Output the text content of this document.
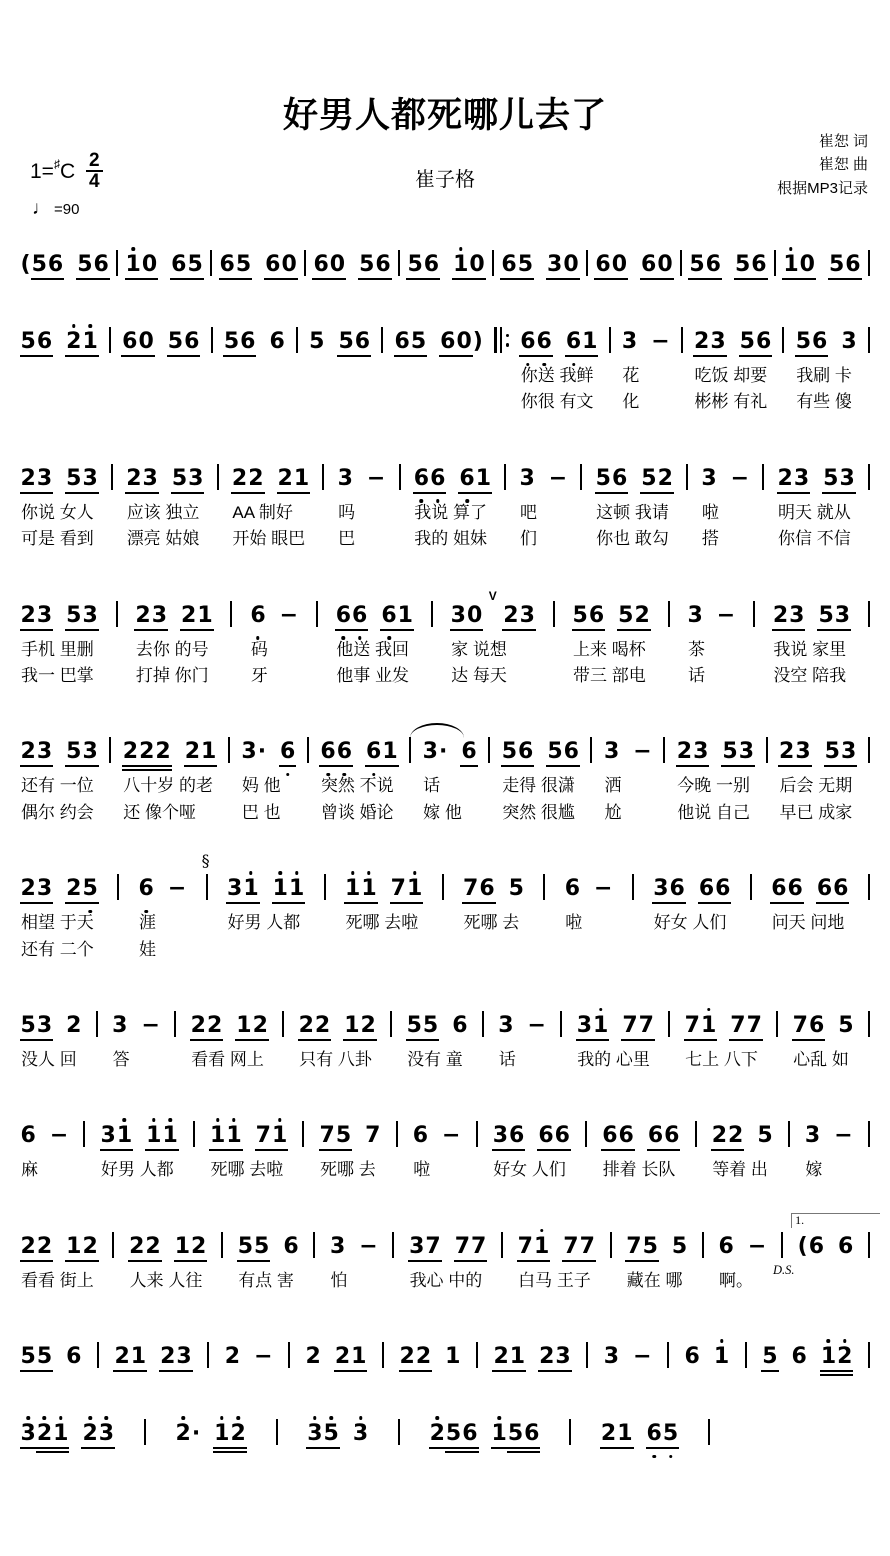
好男人都死哪儿去了
$1=^♯C \frac{2}{4}$	崔子格
崔恕 词
崔恕 曲
根据MP3记录
♩ =90
( 5 6 5 6 1 0 6 5 6 5 6 0 6 0 5 6 5 6 1 0 6 5 3 0 6 0 6 0 5 6 5 6 1 0 5 6
5 6 2 1 6 0 5 6 5 6 6 5 5 6 6 5 6 0 ) 6 6 6 1
你送 我鲜
你很 有文
3 −
花
化
2 3 5 6
吃饭 却要
彬彬 有礼
5 6 3
我刷 卡
有些 傻
2 3 5 3
你说 女人
可是 看到
2 3 5 3
应该 独立
漂亮 姑娘
2 2 2 1
AA 制好
开始 眼巴
3 −
吗
巴
6 6 6 1
我说 算了
我的 姐妹
3 −
吧
们
5 6 5 2
这顿 我请
你也 敢勾
3 −
啦
搭
2 3 5 3
明天 就从
你信 不信
2 3 5 3
手机 里删
我一 巴掌
2 3 2 1
去你 的号
打掉 你门
6 −
码
牙
6 6 6 1
他送 我回
他事 业发
3 0
V
2 3
家 说想
达 每天
5 6 5 2
上来 喝杯
带三 部电
3 −
茶
话
2 3 5 3
我说 家里
没空 陪我
2 3 5 3
还有 一位
偶尔 约会
2 2 2 2 1
八十岁 的老
还 像个哑
3 · 6
妈 他
巴 也
6 6 6 1
突然 不说
曾谈 婚论
3 · 6
话
嫁 他
5 6 5 6
走得 很潇
突然 很尴
3 −
洒
尬
2 3 5 3
今晚 一别
他说 自己
2 3 5 3
后会 无期
早已 成家
2 3 2 5
相望 于天
还有 二个
6 −
涯
娃
§
3 1 1 1
好男 人都
1 1 7 1
死哪 去啦
7 6 5
死哪 去
6 −
啦
3 6 6 6
好女 人们
6 6 6 6
问天 问地
5 3 2
没人 回
3 −
答
2 2 1 2
看看 网上
2 2 1 2
只有 八卦
5 5 6
没有 童
3 −
话
3 1 7 7
我的 心里
7 1 7 7
七上 八下
7 6 5
心乱 如
6 −
麻
3 1 1 1
好男 人都
1 1 7 1
死哪 去啦
7 5 7
死哪 去
6 −
啦
3 6 6 6
好女 人们
6 6 6 6
排着 长队
2 2 5
等着 出
3 −
嫁
2 2 1 2
看看 街上
2 2 1 2
人来 人往
5 5 6
有点 害
3 −
怕
3 7 7 7
我心 中的
7 1 7 7
白马 王子
7 5 5
藏在 哪
6 −
啊。
D.S.
( 6 6
1.
5 5 6 2 1 2 3 2 − 2 2 1 2 2 1 2 1 2 3 3 − 6 1 5 6 1 2
3 2 1 2 3	2 · 1 2	3 5 3	2 5 6 1 5 6	2 1 6 5
